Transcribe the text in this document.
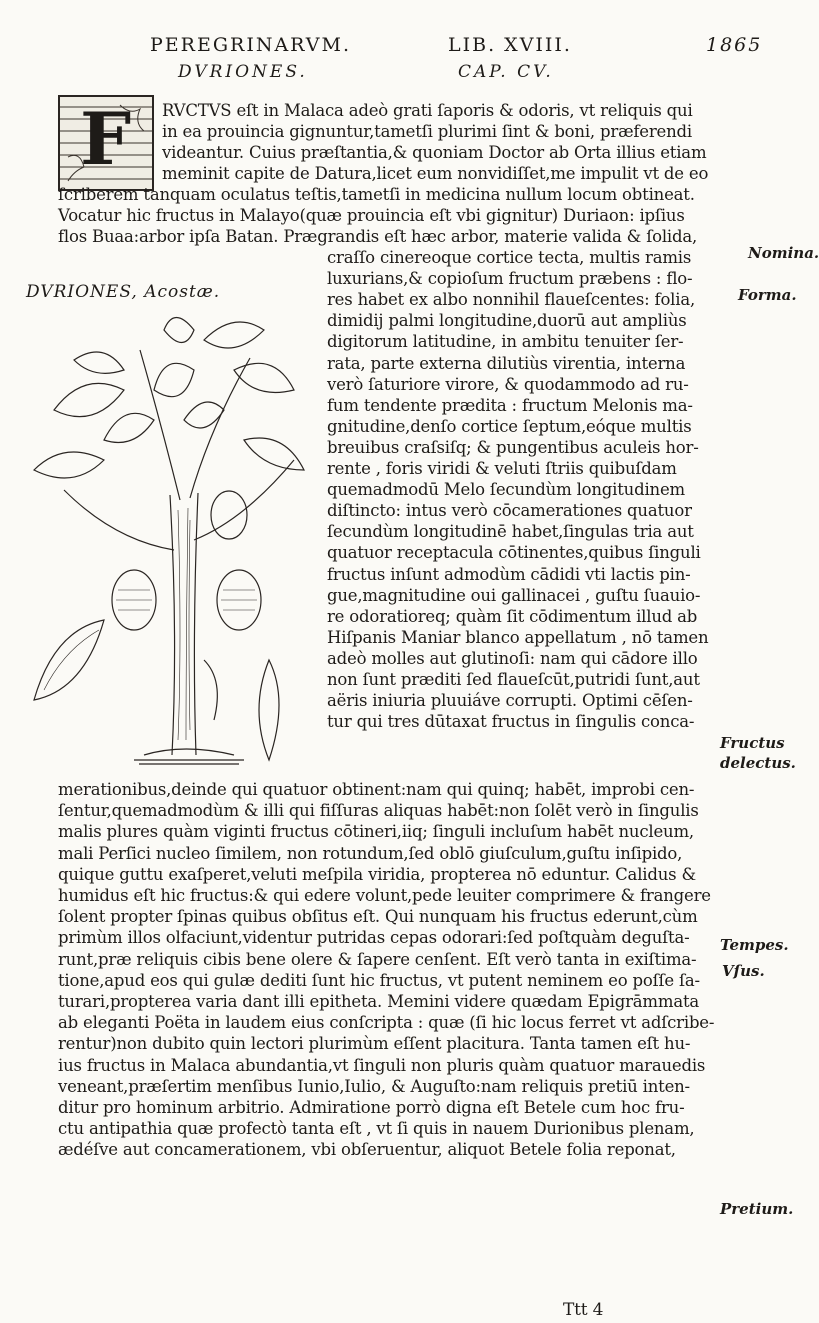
PEREGRINARVM.	LIB. XVIII.	1865
DVRIONES.	CAP. CV.
F RVCTVS eſt in Malaca adeò grati ſaporis & odoris, vt reliquis qui
in ea prouincia gignuntur,tametſi plurimi ſint & boni, præferendi
videantur. Cuius præſtantia,& quoniam Doctor ab Orta illius etiam
meminit capite de Datura,licet eum nonvidiſſet,me impulit vt de eo
ſcriberem tanquam oculatus teſtis,tametſi in medicina nullum locum obtineat.
Vocatur hic fructus in Malayo(quæ prouincia eſt vbi gignitur) Duriaon: ipſius
flos Buaa:arbor ipſa Batan. Prægrandis eſt hæc arbor, materie valida & ſolida,
DVRIONES, Acostæ.
craſſo cinereoque cortice tecta, multis ramis
luxurians,& copioſum fructum præbens : flo-
res habet ex albo nonnihil flaueſcentes: folia,
dimidij palmi longitudine,duorū aut ampliùs
digitorum latitudine, in ambitu tenuiter ſer-
rata, parte externa dilutiùs virentia, interna
verò ſaturiore virore, & quodammodo ad ru-
fum tendente prædita : fructum Melonis ma-
gnitudine,denſo cortice ſeptum,eóque multis
breuibus craſsiſq; & pungentibus aculeis hor-
rente , foris viridi & veluti ſtriis quibuſdam
quemadmodū Melo ſecundùm longitudinem
diſtincto: intus verò cōcamerationes quatuor
ſecundùm longitudinē habet,ſingulas tria aut
quatuor receptacula cōtinentes,quibus ſinguli
fructus inſunt admodùm cādidi vti lactis pin-
gue,magnitudine oui gallinacei , guſtu ſuauio-
re odoratioreq; quàm ſit cōdimentum illud ab
Hiſpanis Maniar blanco appellatum , nō tamen
adeò molles aut glutinoſi: nam qui cādore illo
non ſunt præditi ſed flaueſcūt,putridi ſunt,aut
aëris iniuria pluuiáve corrupti. Optimi cēſen-
tur qui tres dūtaxat fructus in ſingulis conca-
merationibus,deinde qui quatuor obtinent:nam qui quinq; habēt, improbi cen-
ſentur,quemadmodùm & illi qui fiſſuras aliquas habēt:non ſolēt verò in ſingulis
malis plures quàm viginti fructus cōtineri,iiq; ſinguli incluſum habēt nucleum,
mali Perſici nucleo ſimilem, non rotundum,ſed oblō giuſculum,guſtu inſipido,
quique guttu exaſperet,veluti meſpila viridia, propterea nō eduntur. Calidus &
humidus eſt hic fructus:& qui edere volunt,pede leuiter comprimere & frangere
ſolent propter ſpinas quibus obſitus eſt. Qui nunquam his fructus ederunt,cùm
primùm illos olfaciunt,videntur putridas cepas odorari:ſed poſtquàm deguſta-
runt,præ reliquis cibis bene olere & ſapere cenſent. Eſt verò tanta in exiſtima-
tione,apud eos qui gulæ dediti ſunt hic fructus, vt putent neminem eo poſſe ſa-
turari,propterea varia dant illi epitheta. Memini videre quædam Epigrāmmata
ab eleganti Poëta in laudem eius conſcripta : quæ (ſi hic locus ferret vt adſcribe-
rentur)non dubito quin lectori plurimùm eſſent placitura. Tanta tamen eſt hu-
ius fructus in Malaca abundantia,vt ſinguli non pluris quàm quatuor marauedis
veneant,præſertim menſibus Iunio,Iulio, & Auguſto:nam reliquis pretiū inten-
ditur pro hominum arbitrio. Admiratione porrò digna eſt Betele cum hoc fru-
ctu antipathia quæ profectò tanta eſt , vt ſi quis in nauem Durionibus plenam,
ædéſve aut concamerationem, vbi obſeruentur, aliquot Betele folia reponat,
Ttt 4
Nomina.
Forma.
Fructus
delectus.
Tempes.
Vſus.
Pretium.
